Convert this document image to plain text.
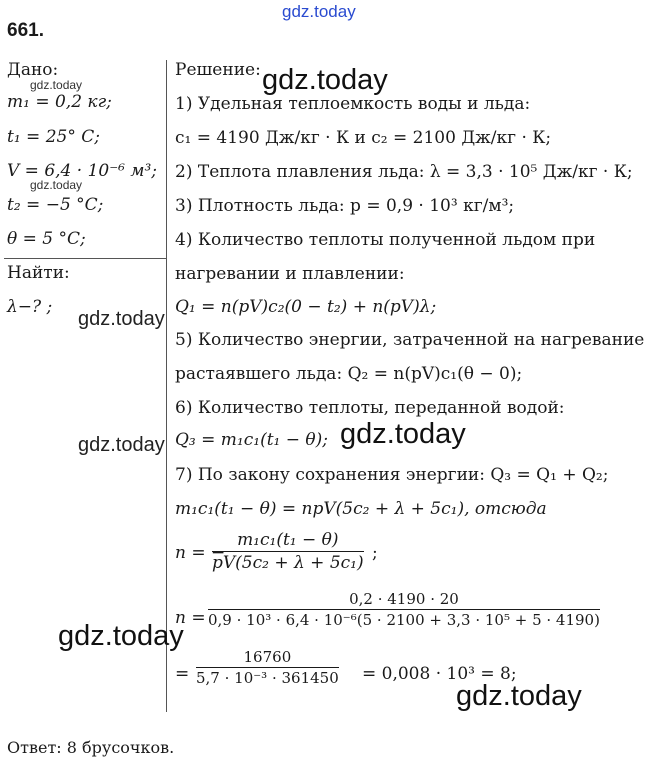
gdz.today
661.
Дано:
gdz.today
m₁ = 0,2 кг;
t₁ = 25° C;
V = 6,4 · 10⁻⁶ м³;
gdz.today
t₂ = −5 °C;
θ = 5 °C;
Найти:
λ−? ;
Решение: gdz.today
1) Удельная теплоемкость воды и льда:
c₁ = 4190 Дж/кг · К и c₂ = 2100 Дж/кг · К;
2) Теплота плавления льда: λ = 3,3 · 10⁵ Дж/кг · К;
3) Плотность льда: p = 0,9 · 10³ кг/м³;
4) Количество теплоты полученной льдом при
нагревании и плавлении:
Q₁ = n(pV)c₂(0 − t₂) + n(pV)λ;
gdz.today
5) Количество энергии, затраченной на нагревание
растаявшего льда: Q₂ = n(pV)c₁(θ − 0);
6) Количество теплоты, переданной водой:
gdz.today Q₃ = m₁c₁(t₁ − θ); gdz.today
7) По закону сохранения энергии: Q₃ = Q₁ + Q₂;
m₁c₁(t₁ − θ) = npV(5c₂ + λ + 5c₁), отсюда
n = −
$\frac{\text{m₁c₁(t₁ − θ)}}{\text{pV(5c₂ + λ + 5c₁)}}$ ;
$n = \frac{0,2 \cdot 4190 \cdot 20}{\text{0,9 · 10³ · 6,4 · 10⁻⁶(5 · 2100 + 3,3 · 10⁵ + 5 · 4190)}}$
gdz.today
= $\frac{16760}{\text{5,7 · 10⁻³ · 361450}} = 0,008 \cdot 10^3 = 8$;
gdz.today
Ответ: 8 брусочков.
